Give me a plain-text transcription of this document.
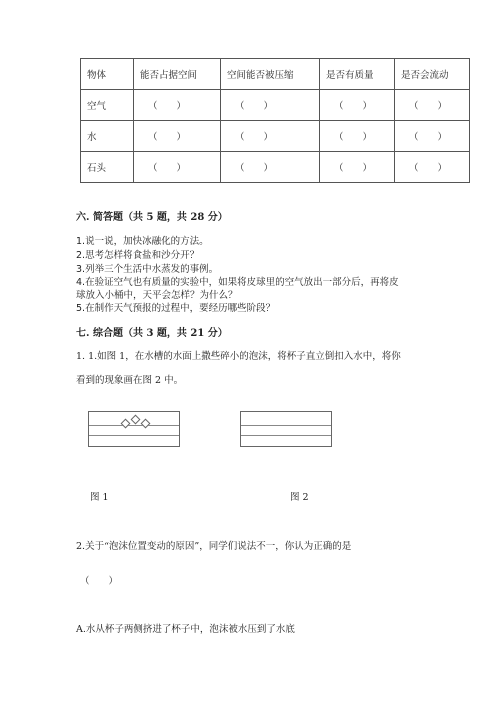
物体	能否占据空间	空间能否被压缩	是否有质量	是否会流动
空气	（　　）	（　　）	（　　）	（　　）
水	（　　）	（　　）	（　　）	（　　）
石头	（　　）	（　　）	（　　）	（　　）
六. 简答题（共 5 题，共 28 分）
1.说一说，加快冰融化的方法。
2.思考怎样将食盐和沙分开？
3.列举三个生活中水蒸发的事例。
4.在验证空气也有质量的实验中，如果将皮球里的空气放出一部分后，再将皮
球放入小桶中，天平会怎样？为什么？
5.在制作天气预报的过程中，要经历哪些阶段？
七. 综合题（共 3 题，共 21 分）
1. 1.如图 1，在水槽的水面上撒些碎小的泡沫，将杯子直立倒扣入水中，将你
看到的现象画在图 2 中。
图 1	图 2
2.关于“泡沫位置变动的原因”，同学们说法不一，你认为正确的是
（　　）
A.水从杯子两侧挤进了杯子中，泡沫被水压到了水底
